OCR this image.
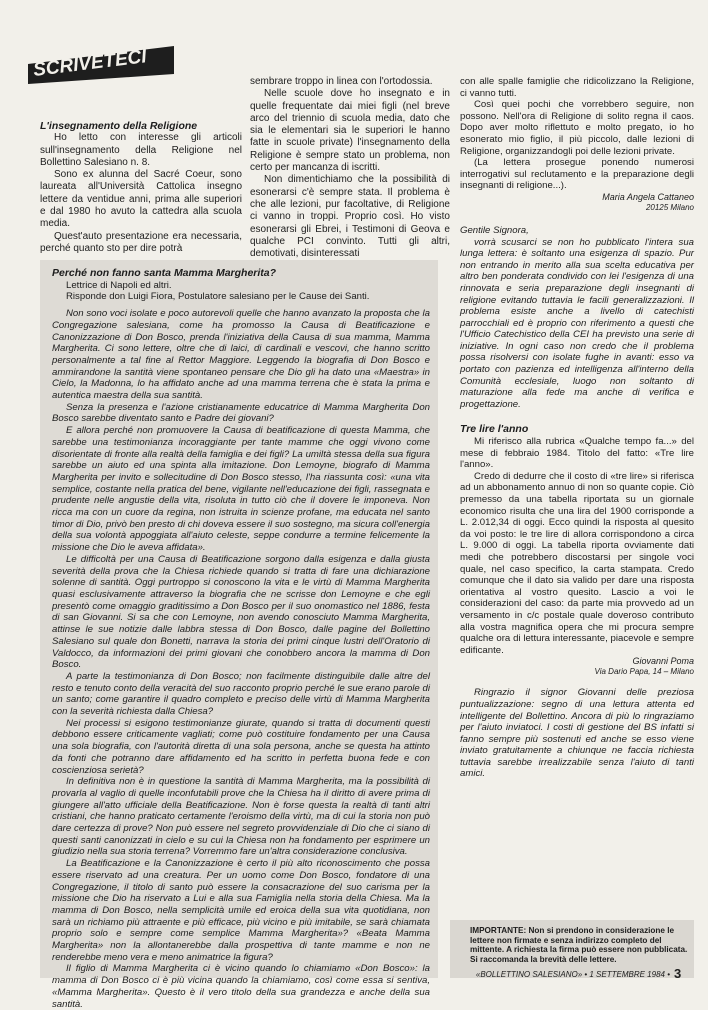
SCRIVETECI

L'insegnamento della Religione

Ho letto con interesse gli articoli sull'insegnamento della Religione nel Bollettino Salesiano n. 8.

Sono ex alunna del Sacré Coeur, sono laureata all'Università Cattolica insegno lettere da ventidue anni, prima alle superiori e dal 1980 ho avuto la cattedra alla scuola media.

Quest'auto presentazione era necessaria, perché quanto sto per dire potrà

sembrare troppo in linea con l'ortodossia.

Nelle scuole dove ho insegnato e in quelle frequentate dai miei figli (nel breve arco del triennio di scuola media, dato che sia le elementari sia le superiori le hanno fatte in scuole private) l'insegnamento della Religione è sempre stato un problema, non certo per mancanza di iscritti.

Non dimentichiamo che la possibilità di esonerarsi c'è sempre stata. Il problema è che alle lezioni, pur facoltative, di Religione ci vanno in troppi. Proprio così. Ho visto esonerarsi gli Ebrei, i Testimoni di Geova e qualche PCI convinto. Tutti gli altri, demotivati, disinteressati

con alle spalle famiglie che ridicolizzano la Religione, ci vanno tutti.

Così quei pochi che vorrebbero seguire, non possono. Nell'ora di Religione di solito regna il caos. Dopo aver molto riflettuto e molto pregato, io ho esonerato mio figlio, il più piccolo, dalle lezioni di Religione, organizzandogli poi delle lezioni private.

(La lettera prosegue ponendo numerosi interrogativi sul reclutamento e la preparazione degli insegnanti di religione...).

Maria Angela Cattaneo

20125 Milano

Gentile Signora,

vorrà scusarci se non ho pubblicato l'intera sua lunga lettera: è soltanto una esigenza di spazio. Pur non entrando in merito alla sua scelta educativa per altro ben ponderata condivido con lei l'esigenza di una rinnovata e seria preparazione degli insegnanti di religione evitando tuttavia le facili generalizzazioni. Il problema esiste anche a livello di catechisti parrocchiali ed è proprio con riferimento a questi che l'Ufficio Catechistico della CEI ha previsto una serie di iniziative. In ogni caso non credo che il problema possa risolversi con isolate fughe in avanti: esso va portato con pazienza ed intelligenza all'interno della Comunità ecclesiale, luogo non soltanto di maturazione alla fede ma anche di verifica e progettazione.

Tre lire l'anno

Mi riferisco alla rubrica «Qualche tempo fa...» del mese di febbraio 1984. Titolo del fatto: «Tre lire l'anno».

Credo di dedurre che il costo di «tre lire» si riferisca ad un abbonamento annuo di non so quante copie. Ciò premesso da una tabella riportata su un giornale economico risulta che una lira del 1900 corrisponde a L. 2.012,34 di oggi. Ecco quindi la risposta al quesito da voi posto: le tre lire di allora corrispondono a circa L. 9.000 di oggi. La tabella riporta ovviamente dati medi che potrebbero discostarsi per singole voci quale, nel caso specifico, la carta stampata. Credo comunque che il dato sia valido per dare una risposta orientativa al vostro quesito. Lascio a voi le considerazioni del caso: da parte mia provvedo ad un versamento in c/c postale quale doveroso contributo alla vostra magnifica opera che mi procura sempre qualche ora di lettura interessante, piacevole e sempre edificante.

Giovanni Poma

Via Dario Papa, 14 – Milano

Ringrazio il signor Giovanni delle preziosa puntualizzazione: segno di una lettura attenta ed intelligente del Bollettino. Ancora di più lo ringraziamo per l'aiuto inviatoci. I costi di gestione del BS infatti si fanno sempre più sostenuti ed anche se esso viene inviato gratuitamente a chiunque ne faccia richiesta tuttavia sarebbe irrealizzabile senza l'aiuto di tanti amici.

Perché non fanno santa Mamma Margherita?

Lettrice di Napoli ed altri.

Risponde don Luigi Fiora, Postulatore salesiano per le Cause dei Santi.

Non sono voci isolate e poco autorevoli quelle che hanno avanzato la proposta che la Congregazione salesiana, come ha promosso la Causa di Beatificazione e Canonizzazione di Don Bosco, prenda l'iniziativa della Causa di sua mamma, Mamma Margherita. Ci sono lettere, oltre che di laici, di cardinali e vescovi, che hanno scritto personalmente a tal fine al Rettor Maggiore. Leggendo la biografia di Don Bosco e ammirandone la santità viene spontaneo pensare che Dio gli ha dato una «Maestra» in Cielo, la Madonna, lo ha affidato anche ad una mamma terrena che è stata la prima e autentica maestra della sua santità.

Senza la presenza e l'azione cristianamente educatrice di Mamma Margherita Don Bosco sarebbe diventato santo e Padre dei giovani?

E allora perché non promuovere la Causa di beatificazione di questa Mamma, che sarebbe una testimonianza incoraggiante per tante mamme che oggi vivono come disorientate di fronte alla realtà della famiglia e dei figli? La umiltà stessa della sua figura sarebbe un aiuto ed una spinta alla imitazione. Don Lemoyne, biografo di Mamma Margherita per invito e sollecitudine di Don Bosco stesso, l'ha riassunta così: «una vita semplice, costante nella pratica del bene, vigilante nell'educazione dei figli, rassegnata e prudente nelle angustie della vita, risoluta in tutto ciò che il dovere le imponeva. Non ricca ma con un cuore da regina, non istruita in scienze profane, ma educata nel santo timor di Dio, privò ben presto di chi doveva essere il suo sostegno, ma sicura coll'energia della sua volontà appoggiata all'aiuto celeste, seppe condurre a termine felicemente la missione che Dio le aveva affidata».

Le difficoltà per una Causa di Beatificazione sorgono dalla esigenza e dalla giusta severità della prova che la Chiesa richiede quando si tratta di fare una dichiarazione solenne di santità. Oggi purtroppo si conoscono la vita e le virtù di Mamma Margherita quasi esclusivamente attraverso la biografia che ne scrisse don Lemoyne e che egli presentò come omaggio graditissimo a Don Bosco per il suo onomastico nel 1886, festa di san Giovanni. Si sa che con Lemoyne, non avendo conosciuto Mamma Margherita, attinse le sue notizie dalle labbra stessa di Don Bosco, dalle pagine del Bollettino Salesiano sul quale don Bonetti, narrava la storia dei primi cinque lustri dell'Oratorio di Valdocco, da informazioni dei primi giovani che conobbero ancora la mamma di Don Bosco.

A parte la testimonianza di Don Bosco; non facilmente distinguibile dalle altre del resto e tenuto conto della veracità del suo racconto proprio perché le sue erano parole di un santo; come garantire il quadro completo e preciso delle virtù di Mamma Margherita con la severità richiesta dalla Chiesa?

Nei processi si esigono testimonianze giurate, quando si tratta di documenti questi debbono essere criticamente vagliati; come può costituire fondamento per una Causa una sola biografia, con l'autorità diretta di una sola persona, anche se questa ha attinto da fonti che potranno dare affidamento ed ha scritto in perfetta buona fede e con coscienziosa serietà?

In definitiva non è in questione la santità di Mamma Margherita, ma la possibilità di provarla al vaglio di quelle inconfutabili prove che la Chiesa ha il diritto di avere prima di giungere all'atto ufficiale della Beatificazione. Non è forse questa la realtà di tanti altri cristiani, che hanno praticato certamente l'eroismo della virtù, ma di cui la storia non può dare certezza di prove? Non può essere nel segreto provvidenziale di Dio che ci siano di questi santi canonizzati in cielo e su cui la Chiesa non ha fondamento per esprimere un giudizio nella sua storia terrena? Vorremmo fare un'altra considerazione conclusiva.

La Beatificazione e la Canonizzazione è certo il più alto riconoscimento che possa essere riservato ad una creatura. Per un uomo come Don Bosco, fondatore di una Congregazione, il titolo di santo può essere la consacrazione del suo carisma per la missione che Dio ha riservato a Lui e alla sua Famiglia nella storia della Chiesa. Ma la mamma di Don Bosco, nella semplicità umile ed eroica della sua vita quotidiana, non sarà un richiamo più attraente e più efficace, più vicino e più imitabile, se sarà chiamata proprio solo e sempre come semplice Mamma Margherita»? «Beata Mamma Margherita» non la allontanerebbe dalla prospettiva di tante mamme e non ne renderebbe meno vera e meno animatrice la figura?

Il figlio di Mamma Margherita ci è vicino quando lo chiamiamo «Don Bosco»: la mamma di Don Bosco ci è più vicina quando la chiamiamo, così come essa si sentiva, «Mamma Margherita». Questo è il vero titolo della sua grandezza e anche della sua santità.

IMPORTANTE: Non si prendono in considerazione le lettere non firmate e senza indirizzo completo del mittente. A richiesta la firma può essere non pubblicata. Si raccomanda la brevità delle lettere.
«BOLLETTINO SALESIANO» • 1 SETTEMBRE 1984 • 3
